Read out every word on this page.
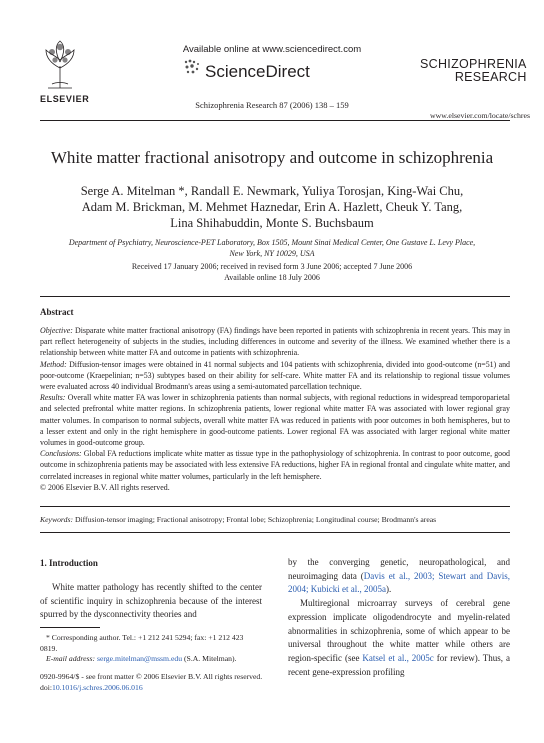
Available online at www.sciencedirect.com
ScienceDirect
Schizophrenia Research 87 (2006) 138 – 159
SCHIZOPHRENIA
RESEARCH
www.elsevier.com/locate/schres
ELSEVIER
White matter fractional anisotropy and outcome in schizophrenia
Serge A. Mitelman *, Randall E. Newmark, Yuliya Torosjan, King-Wai Chu,
Adam M. Brickman, M. Mehmet Haznedar, Erin A. Hazlett, Cheuk Y. Tang,
Lina Shihabuddin, Monte S. Buchsbaum
Department of Psychiatry, Neuroscience-PET Laboratory, Box 1505, Mount Sinai Medical Center, One Gustave L. Levy Place,
New York, NY 10029, USA
Received 17 January 2006; received in revised form 3 June 2006; accepted 7 June 2006
Available online 18 July 2006
Abstract

Objective: Disparate white matter fractional anisotropy (FA) findings have been reported in patients with schizophrenia in recent years. This may in part reflect heterogeneity of subjects in the studies, including differences in outcome and severity of the illness. We examined whether there is a relationship between white matter FA and outcome in patients with schizophrenia.

Method: Diffusion-tensor images were obtained in 41 normal subjects and 104 patients with schizophrenia, divided into good-outcome (n=51) and poor-outcome (Kraepelinian; n=53) subtypes based on their ability for self-care. White matter FA and its relationship to regional tissue volumes were evaluated across 40 individual Brodmann's areas using a semi-automated parcellation technique.

Results: Overall white matter FA was lower in schizophrenia patients than normal subjects, with regional reductions in widespread temporoparietal and selected prefrontal white matter regions. In schizophrenia patients, lower regional white matter FA was associated with lower regional gray matter volumes. In comparison to normal subjects, overall white matter FA was reduced in patients with poor outcomes in both hemispheres, but to a lesser extent and only in the right hemisphere in good-outcome patients. Lower regional FA was associated with larger regional white matter volumes in good-outcome group.

Conclusions: Global FA reductions implicate white matter as tissue type in the pathophysiology of schizophrenia. In contrast to poor outcome, good outcome in schizophrenia patients may be associated with less extensive FA reductions, higher FA in regional frontal and cingulate white matter, and correlated increases in regional white matter volumes, particularly in the left hemisphere.

© 2006 Elsevier B.V. All rights reserved.

Keywords: Diffusion-tensor imaging; Fractional anisotropy; Frontal lobe; Schizophrenia; Longitudinal course; Brodmann's areas
1. Introduction
White matter pathology has recently shifted to the center of scientific inquiry in schizophrenia because of the interest spurred by the dysconnectivity theories and
* Corresponding author. Tel.: +1 212 241 5294; fax: +1 212 423 0819.
E-mail address: serge.mitelman@mssm.edu (S.A. Mitelman).
0920-9964/$ - see front matter © 2006 Elsevier B.V. All rights reserved.
doi:10.1016/j.schres.2006.06.016

by the converging genetic, neuropathological, and neuroimaging data (Davis et al., 2003; Stewart and Davis, 2004; Kubicki et al., 2005a).

Multiregional microarray surveys of cerebral gene expression implicate oligodendrocyte and myelin-related abnormalities in schizophrenia, some of which appear to be universal throughout the white matter while others are region-specific (see Katsel et al., 2005c for review). Thus, a recent gene-expression profiling
